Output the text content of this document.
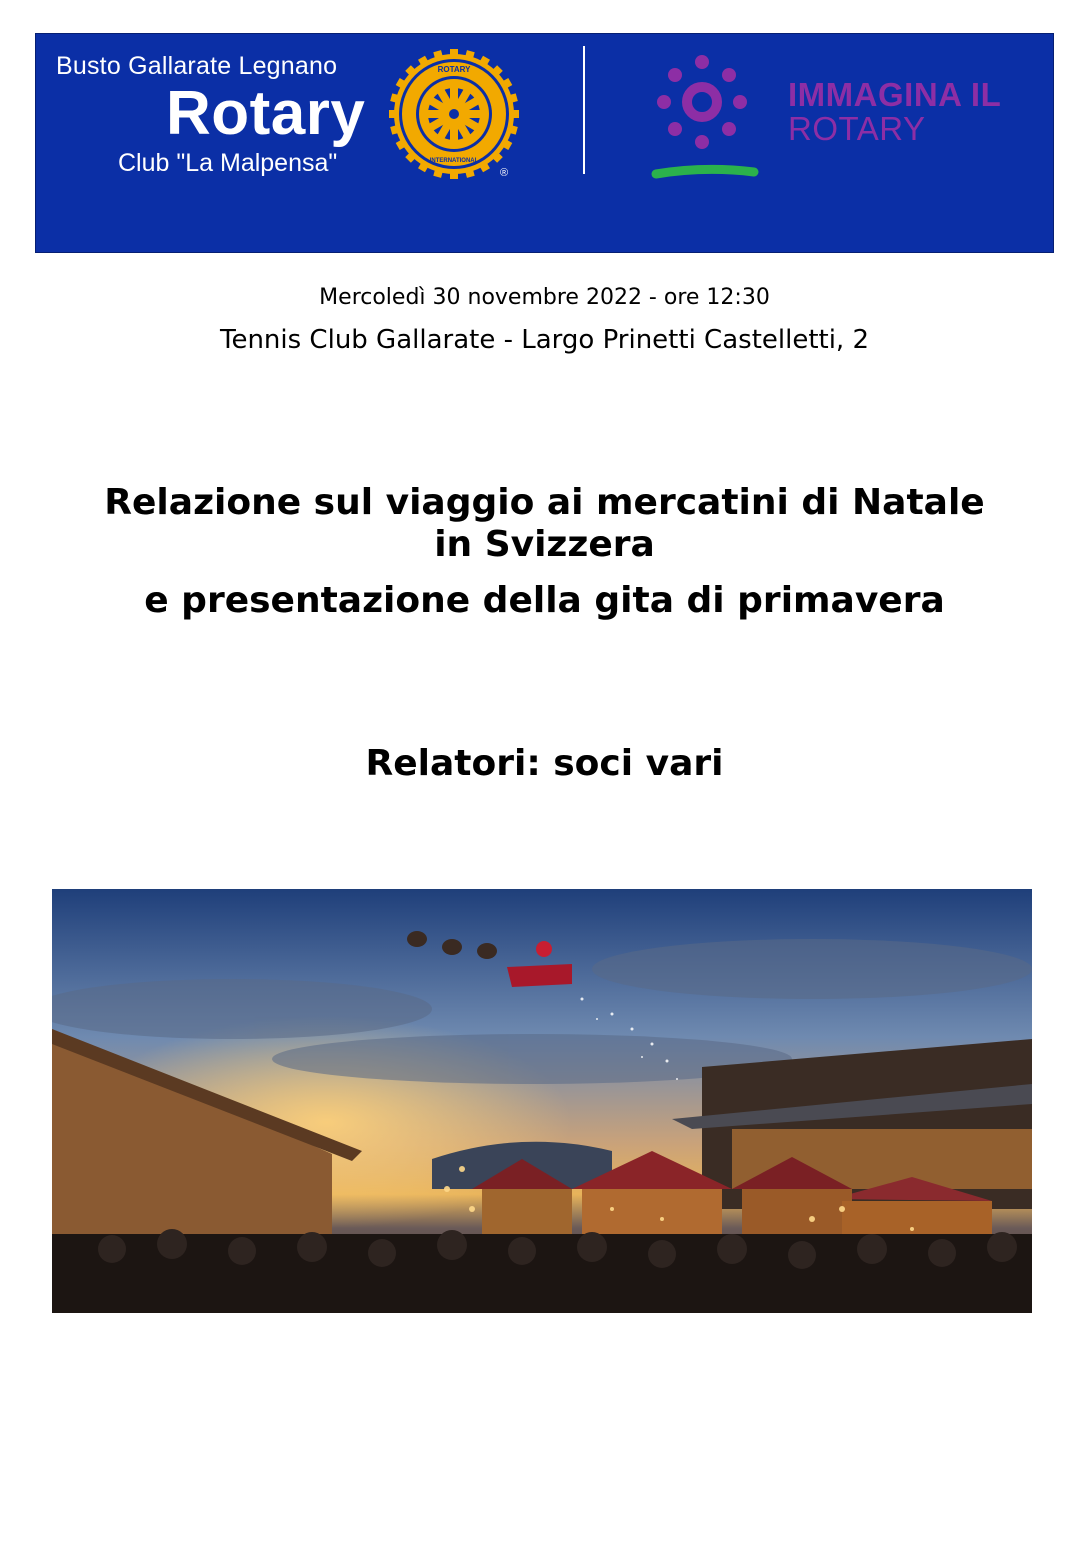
Busto Gallarate Legnano
Rotary
Club "La Malpensa"
ROTARY
INTERNATIONAL
®
IMMAGINA IL
ROTARY
Mercoledì 30 novembre 2022 - ore 12:30
Tennis Club Gallarate - Largo Prinetti Castelletti, 2
Relazione sul viaggio ai mercatini di Natale
in Svizzera
e presentazione della gita di primavera
Relatori: soci vari
